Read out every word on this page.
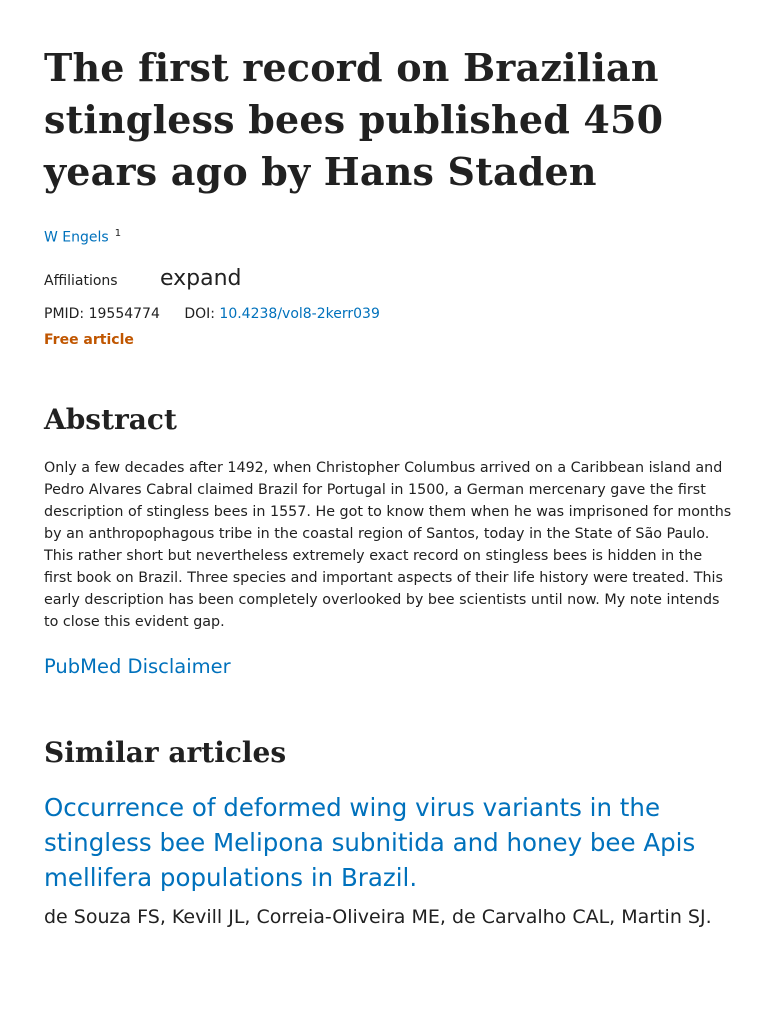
The first record on Brazilian stingless bees published 450 years ago by Hans Staden
W Engels $^1$
Affiliations	expand
PMID: 19554774 DOI: 10.4238/vol8-2kerr039
Free article
Abstract

Only a few decades after 1492, when Christopher Columbus arrived on a Caribbean island and Pedro Alvares Cabral claimed Brazil for Portugal in 1500, a German mercenary gave the first description of stingless bees in 1557. He got to know them when he was imprisoned for months by an anthropophagous tribe in the coastal region of Santos, today in the State of São Paulo. This rather short but nevertheless extremely exact record on stingless bees is hidden in the first book on Brazil. Three species and important aspects of their life history were treated. This early description has been completely overlooked by bee scientists until now. My note intends to close this evident gap.

PubMed Disclaimer
Similar articles
Occurrence of deformed wing virus variants in the stingless bee Melipona subnitida and honey bee Apis mellifera populations in Brazil.
de Souza FS, Kevill JL, Correia-Oliveira ME, de Carvalho CAL, Martin SJ.
